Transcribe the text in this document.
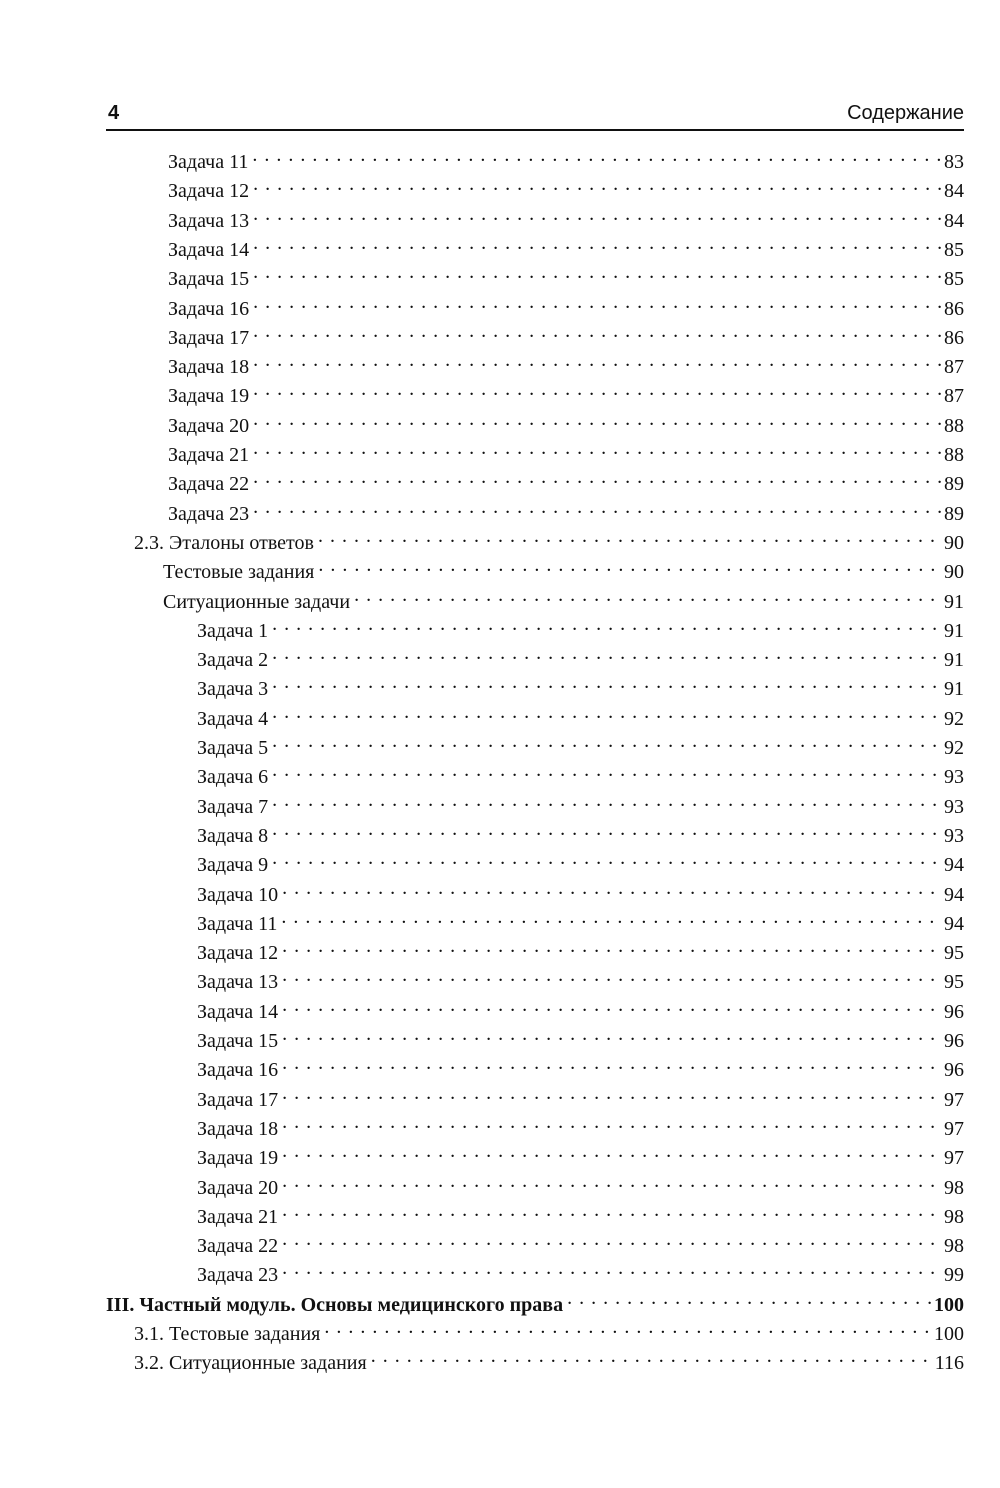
4	Содержание
Задача 11 . . .	83
Задача 12 . . .	84
Задача 13 . . .	84
Задача 14 . . .	85
Задача 15 . . .	85
Задача 16 . . .	86
Задача 17 . . .	86
Задача 18 . . .	87
Задача 19 . . .	87
Задача 20 . . .	88
Задача 21 . . .	88
Задача 22 . . .	89
Задача 23 . . .	89
2.3. Эталоны ответов . . .	90
Тестовые задания . . .	90
Ситуационные задачи . . .	91
Задача 1 . . .	91
Задача 2 . . .	91
Задача 3 . . .	91
Задача 4 . . .	92
Задача 5 . . .	92
Задача 6 . . .	93
Задача 7 . . .	93
Задача 8 . . .	93
Задача 9 . . .	94
Задача 10 . . .	94
Задача 11 . . .	94
Задача 12 . . .	95
Задача 13 . . .	95
Задача 14 . . .	96
Задача 15 . . .	96
Задача 16 . . .	96
Задача 17 . . .	97
Задача 18 . . .	97
Задача 19 . . .	97
Задача 20 . . .	98
Задача 21 . . .	98
Задача 22 . . .	98
Задача 23 . . .	99
III. Частный модуль. Основы медицинского права . . .	100
3.1. Тестовые задания . . .	100
3.2. Ситуационные задания . . .	116
